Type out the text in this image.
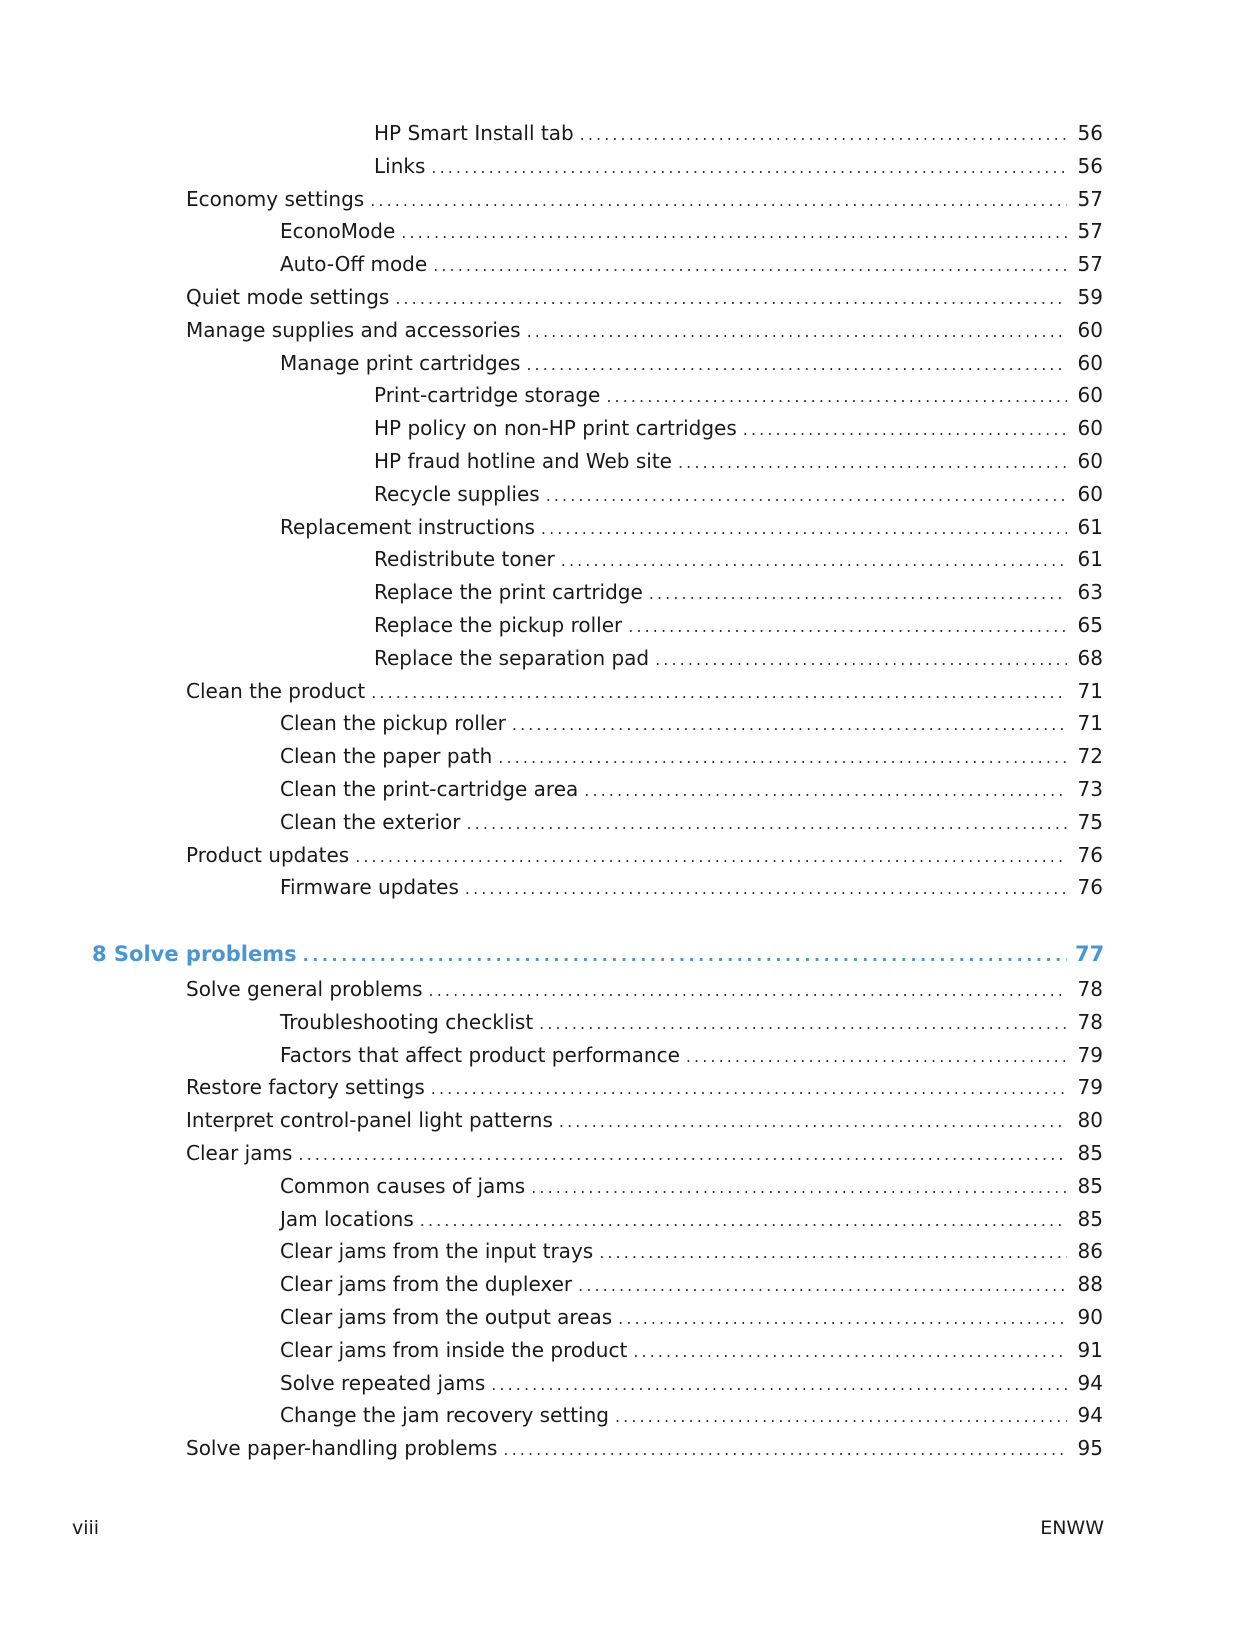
HP Smart Install tab . . .	56
Links . . .	56
Economy settings . . .	57
EconoMode . . .	57
Auto-Off mode . . .	57
Quiet mode settings . . .	59
Manage supplies and accessories . . .	60
Manage print cartridges . . .	60
Print-cartridge storage . . .	60
HP policy on non-HP print cartridges . . .	60
HP fraud hotline and Web site . . .	60
Recycle supplies . . .	60
Replacement instructions . . .	61
Redistribute toner . . .	61
Replace the print cartridge . . .	63
Replace the pickup roller . . .	65
Replace the separation pad . . .	68
Clean the product . . .	71
Clean the pickup roller . . .	71
Clean the paper path . . .	72
Clean the print-cartridge area . . .	73
Clean the exterior . . .	75
Product updates . . .	76
Firmware updates . . .	76
8 Solve problems . . .	77
Solve general problems . . .	78
Troubleshooting checklist . . .	78
Factors that affect product performance . . .	79
Restore factory settings . . .	79
Interpret control-panel light patterns . . .	80
Clear jams . . .	85
Common causes of jams . . .	85
Jam locations . . .	85
Clear jams from the input trays . . .	86
Clear jams from the duplexer . . .	88
Clear jams from the output areas . . .	90
Clear jams from inside the product . . .	91
Solve repeated jams . . .	94
Change the jam recovery setting . . .	94
Solve paper-handling problems . . .	95
viii	ENWW
